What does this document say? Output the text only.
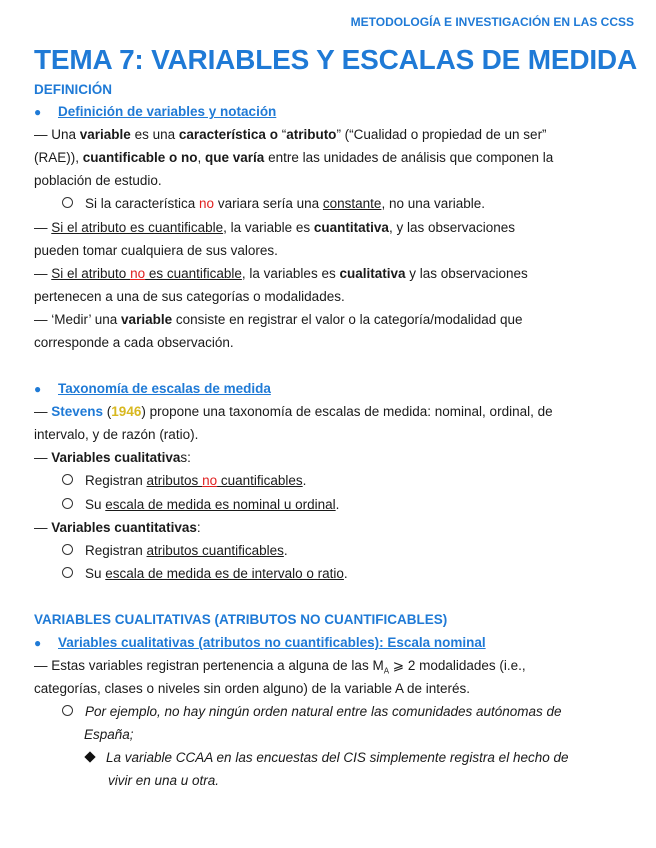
METODOLOGÍA E INVESTIGACIÓN EN LAS CCSS
TEMA 7: VARIABLES Y ESCALAS DE MEDIDA
DEFINICIÓN
● Definición de variables y notación
— Una variable es una característica o “atributo” (“Cualidad o propiedad de un ser”
(RAE)), cuantificable o no, que varía entre las unidades de análisis que componen la
población de estudio.
Si la característica no variara sería una constante, no una variable.
— Si el atributo es cuantificable, la variable es cuantitativa, y las observaciones
pueden tomar cualquiera de sus valores.
— Si el atributo no es cuantificable, la variables es cualitativa y las observaciones
pertenecen a una de sus categorías o modalidades.
— ‘Medir’ una variable consiste en registrar el valor o la categoría/modalidad que
corresponde a cada observación.
● Taxonomía de escalas de medida
— Stevens (1946) propone una taxonomía de escalas de medida: nominal, ordinal, de
intervalo, y de razón (ratio).
— Variables cualitativas:
Registran atributos no cuantificables.
Su escala de medida es nominal u ordinal.
— Variables cuantitativas:
Registran atributos cuantificables.
Su escala de medida es de intervalo o ratio.
VARIABLES CUALITATIVAS (ATRIBUTOS NO CUANTIFICABLES)
● Variables cualitativas (atributos no cuantificables): Escala nominal
— Estas variables registran pertenencia a alguna de las $M_A$ ⩾ 2 modalidades (i.e.,
categorías, clases o niveles sin orden alguno) de la variable A de interés.
Por ejemplo, no hay ningún orden natural entre las comunidades autónomas de
España;
La variable CCAA en las encuestas del CIS simplemente registra el hecho de
vivir en una u otra.
